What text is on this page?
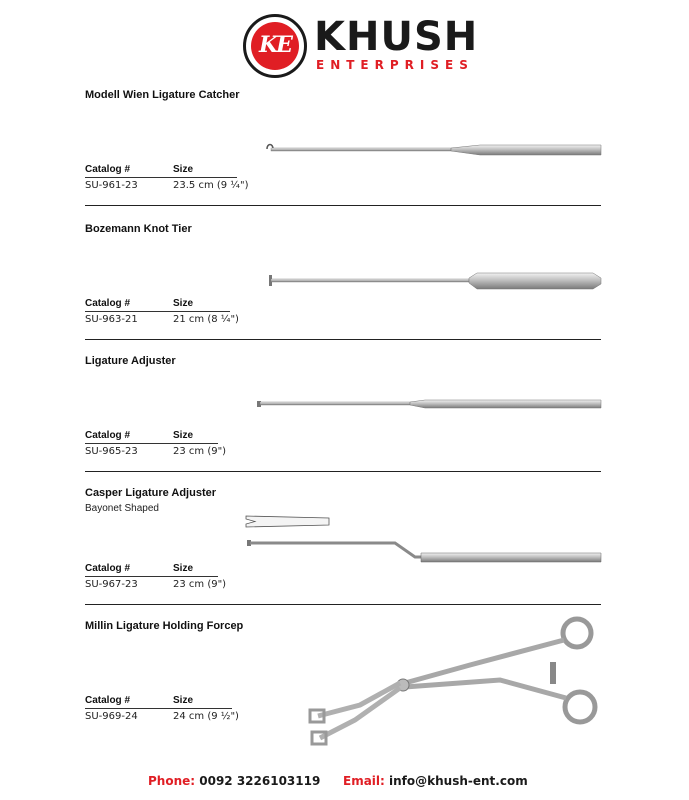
KE KHUSH
ENTERPRISES
Modell Wien Ligature Catcher
Catalog #	Size
SU-961-23	23.5 cm (9 ¼")
Bozemann Knot Tier
Catalog #	Size
SU-963-21	21 cm (8 ¼")
Ligature Adjuster
Catalog #	Size
SU-965-23	23 cm (9")
Casper Ligature Adjuster
Bayonet Shaped
Catalog #	Size
SU-967-23	23 cm (9")
Millin Ligature Holding Forcep
Catalog #	Size
SU-969-24	24 cm (9 ½")
Phone: 0092 3226103119 Email: info@khush-ent.com
